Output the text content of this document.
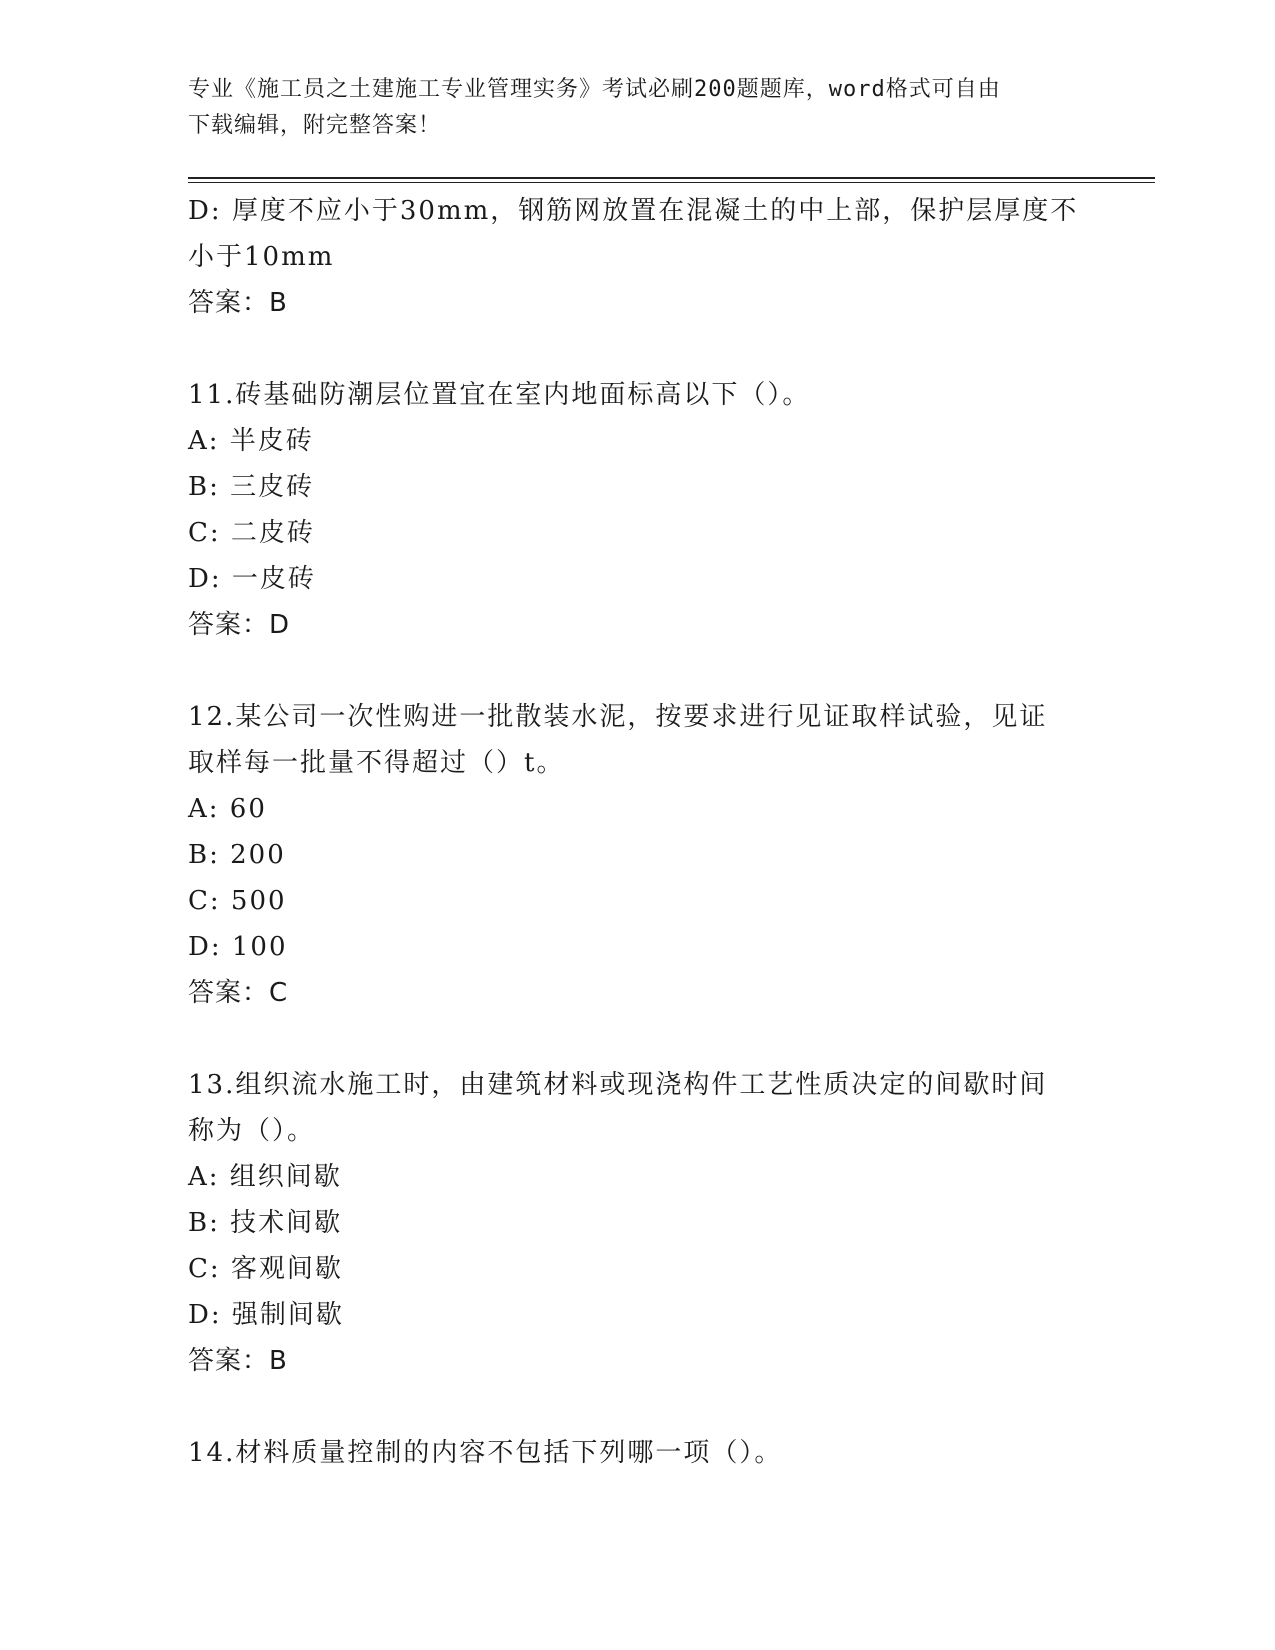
专业《施工员之土建施工专业管理实务》考试必刷200题题库，word格式可自由
下载编辑，附完整答案！
D: 厚度不应小于30mm，钢筋网放置在混凝土的中上部，保护层厚度不
小于10mm
答案：B
11.砖基础防潮层位置宜在室内地面标高以下（）。
A: 半皮砖
B: 三皮砖
C: 二皮砖
D: 一皮砖
答案：D
12.某公司一次性购进一批散装水泥，按要求进行见证取样试验，见证
取样每一批量不得超过（）t。
A: 60
B: 200
C: 500
D: 100
答案：C
13.组织流水施工时，由建筑材料或现浇构件工艺性质决定的间歇时间
称为（）。
A: 组织间歇
B: 技术间歇
C: 客观间歇
D: 强制间歇
答案：B
14.材料质量控制的内容不包括下列哪一项（）。
